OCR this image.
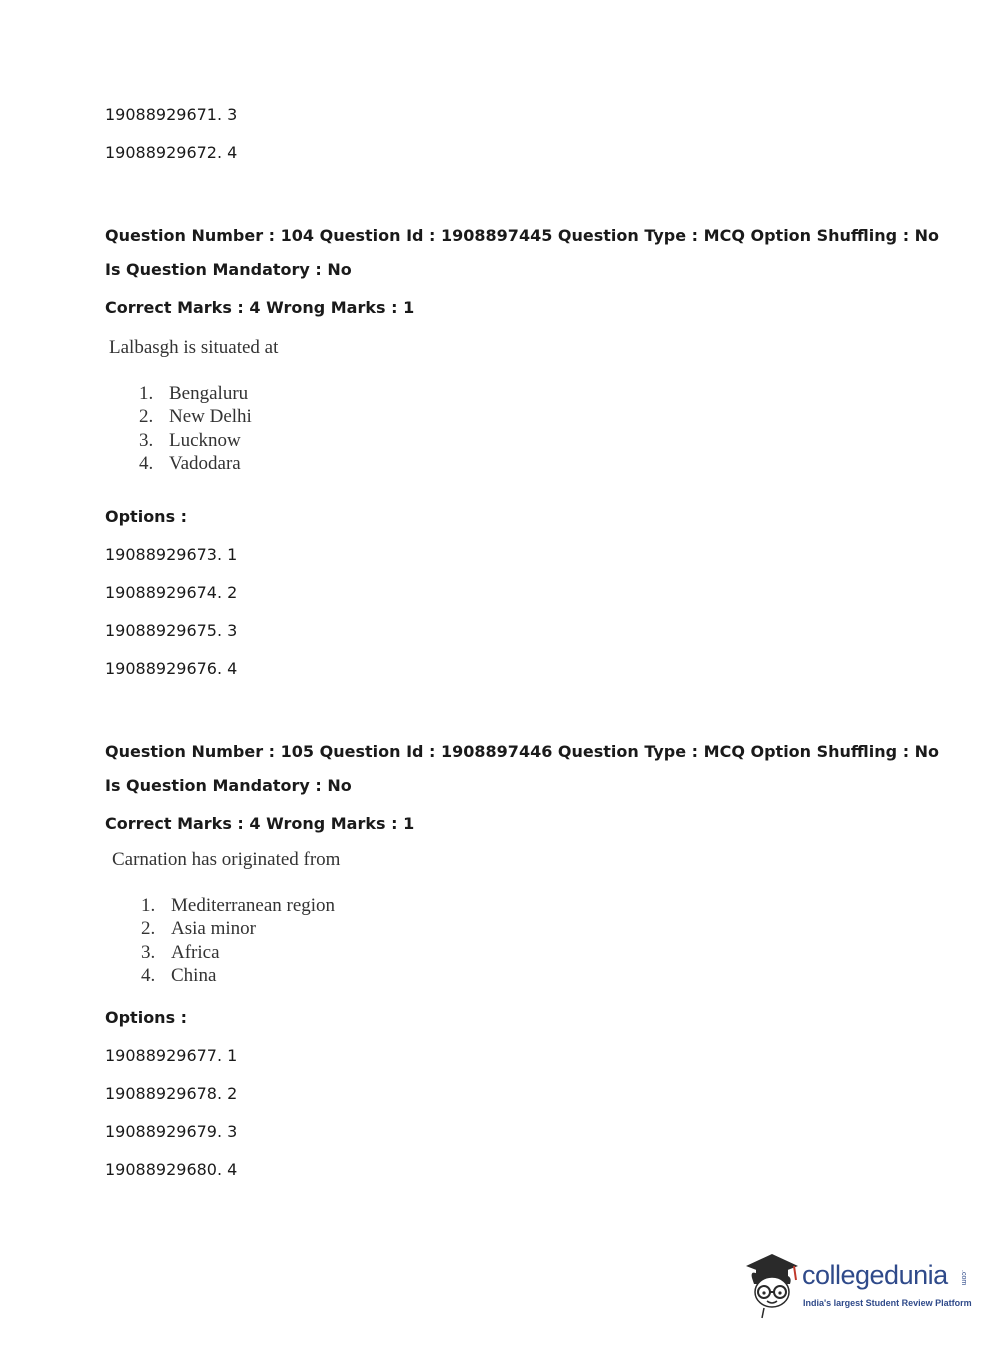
19088929671. 3
19088929672. 4
Question Number : 104 Question Id : 1908897445 Question Type : MCQ Option Shuffling : No
Is Question Mandatory : No
Correct Marks : 4 Wrong Marks : 1
Lalbasgh is situated at
1. Bengaluru
2. New Delhi
3. Lucknow
4. Vadodara
Options :
19088929673. 1
19088929674. 2
19088929675. 3
19088929676. 4
Question Number : 105 Question Id : 1908897446 Question Type : MCQ Option Shuffling : No
Is Question Mandatory : No
Correct Marks : 4 Wrong Marks : 1
Carnation has originated from
1. Mediterranean region
2. Asia minor
3. Africa
4. China
Options :
19088929677. 1
19088929678. 2
19088929679. 3
19088929680. 4
collegedunia .com
India's largest Student Review Platform
